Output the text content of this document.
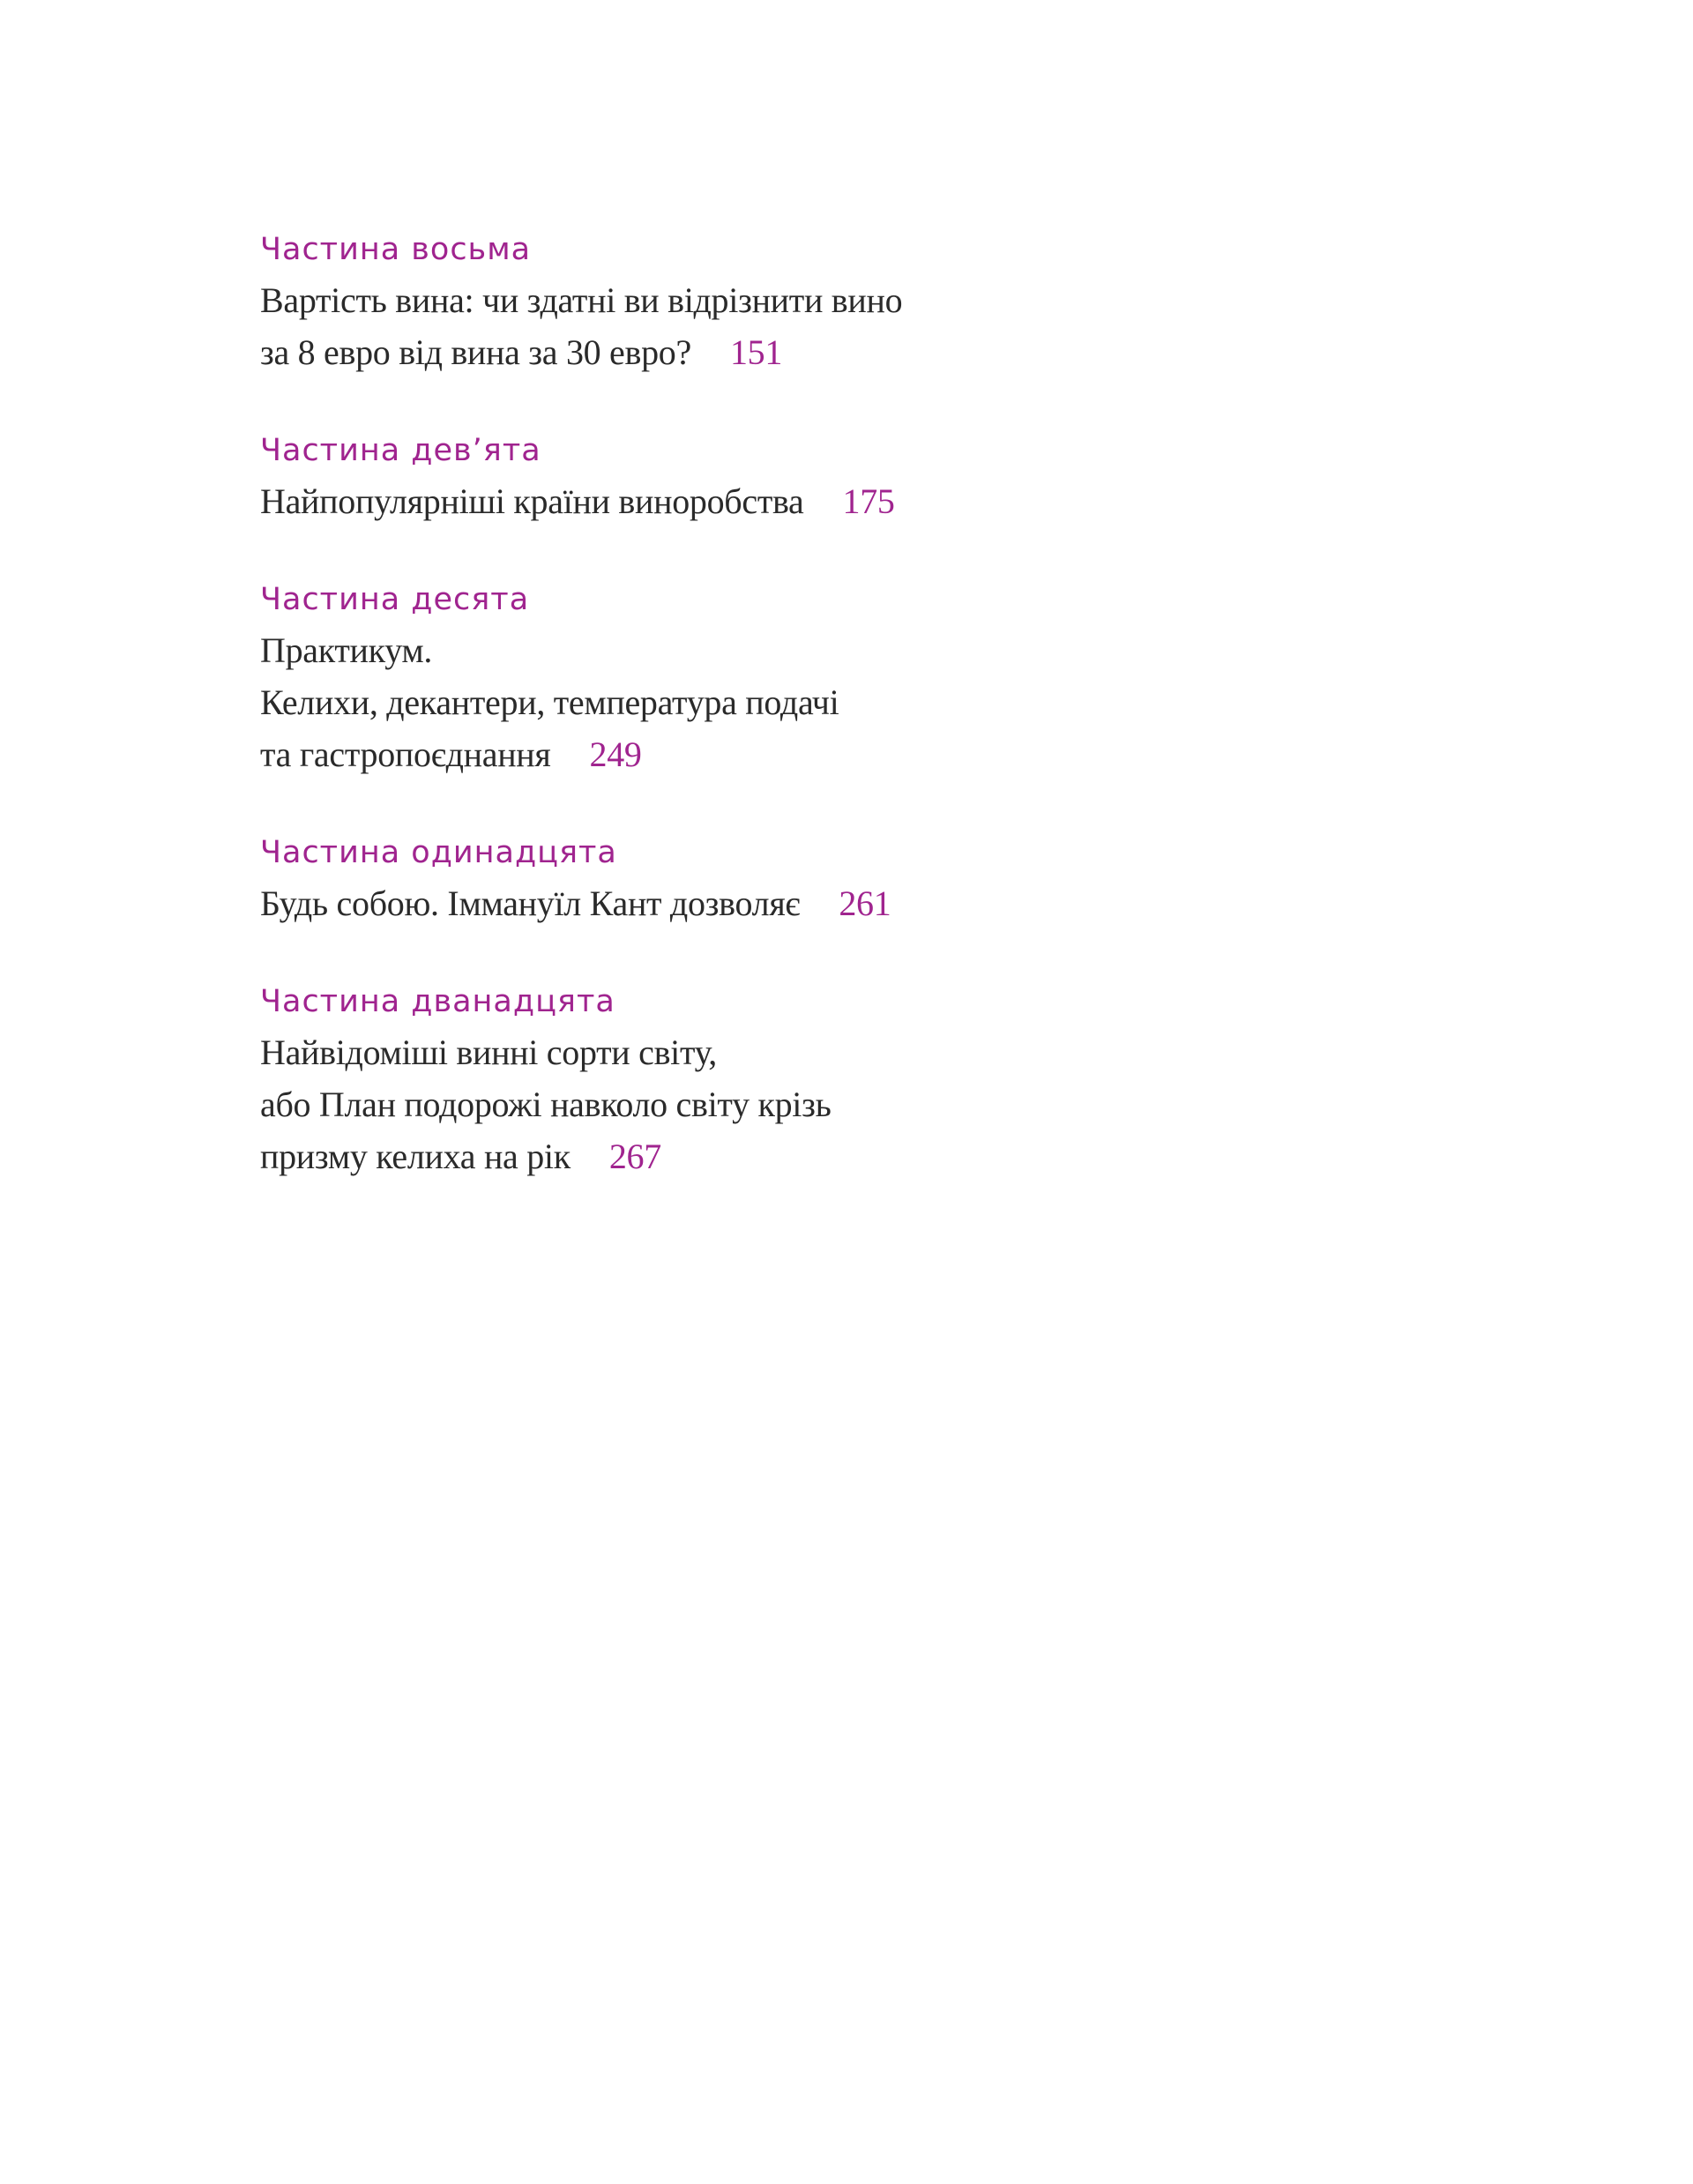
Частина восьма
Вартість вина: чи здатні ви відрізнити вино
за 8 евро від вина за 30 евро? 151
Частина дев’ята
Найпопулярніші країни виноробства 175
Частина десята
Практикум.
Келихи, декантери, температура подачі
та гастропоєднання 249
Частина одинадцята
Будь собою. Іммануїл Кант дозволяє 261
Частина дванадцята
Найвідоміші винні сорти світу,
або План подорожі навколо світу крізь
призму келиха на рік 267
